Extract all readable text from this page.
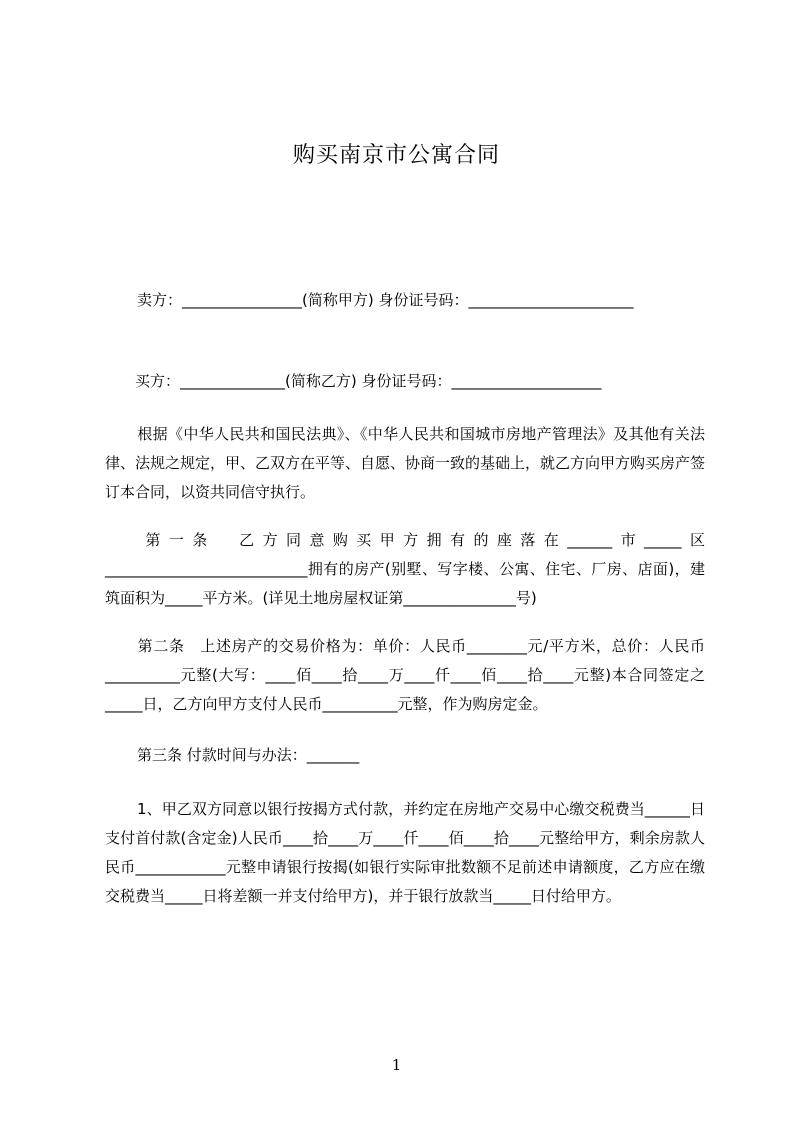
购买南京市公寓合同
卖方：________________(简称甲方) 身份证号码：______________________
买方：______________(简称乙方) 身份证号码：____________________
根据《中华人民共和国民法典》、《中华人民共和国城市房地产管理法》及其他有关法律、法规之规定，甲、乙双方在平等、自愿、协商一致的基础上，就乙方向甲方购买房产签订本合同，以资共同信守执行。
第一条　乙方同意购买甲方拥有的座落在______市_____区___________________________拥有的房产(别墅、写字楼、公寓、住宅、厂房、店面)，建筑面积为_____平方米。(详见土地房屋权证第_______________号)
第二条　上述房产的交易价格为：单价：人民币________元/平方米，总价：人民币__________元整(大写：____佰____拾____万____仟____佰____拾____元整)本合同签定之_____日，乙方向甲方支付人民币__________元整，作为购房定金。
第三条 付款时间与办法：_______
1、甲乙双方同意以银行按揭方式付款，并约定在房地产交易中心缴交税费当______日支付首付款(含定金)人民币____拾____万____仟____佰____拾____元整给甲方，剩余房款人民币____________元整申请银行按揭(如银行实际审批数额不足前述申请额度，乙方应在缴交税费当_____日将差额一并支付给甲方)，并于银行放款当_____日付给甲方。
1
